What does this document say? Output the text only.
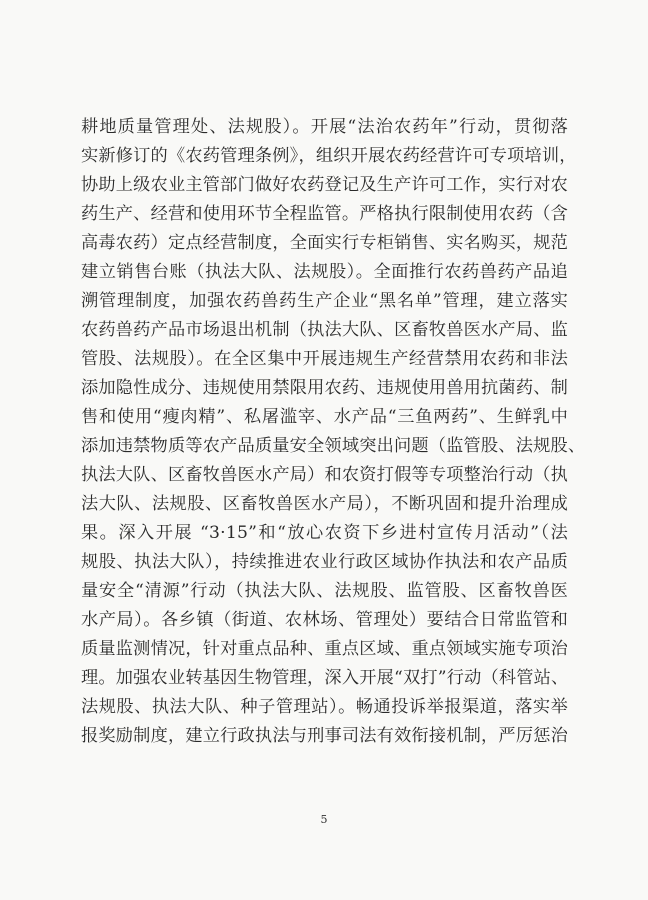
耕地质量管理处、法规股）。开展“法治农药年”行动，贯彻落
实新修订的《农药管理条例》，组织开展农药经营许可专项培训，
协助上级农业主管部门做好农药登记及生产许可工作，实行对农
药生产、经营和使用环节全程监管。严格执行限制使用农药（含
高毒农药）定点经营制度，全面实行专柜销售、实名购买，规范
建立销售台账（执法大队、法规股）。全面推行农药兽药产品追
溯管理制度，加强农药兽药生产企业“黑名单”管理，建立落实
农药兽药产品市场退出机制（执法大队、区畜牧兽医水产局、监
管股、法规股）。在全区集中开展违规生产经营禁用农药和非法
添加隐性成分、违规使用禁限用农药、违规使用兽用抗菌药、制
售和使用“瘦肉精”、私屠滥宰、水产品“三鱼两药”、生鲜乳中
添加违禁物质等农产品质量安全领域突出问题（监管股、法规股、
执法大队、区畜牧兽医水产局）和农资打假等专项整治行动（执
法大队、法规股、区畜牧兽医水产局），不断巩固和提升治理成
果。深入开展 “3·15”和“放心农资下乡进村宣传月活动”（法
规股、执法大队），持续推进农业行政区域协作执法和农产品质
量安全“清源”行动（执法大队、法规股、监管股、区畜牧兽医
水产局）。各乡镇（街道、农林场、管理处）要结合日常监管和
质量监测情况，针对重点品种、重点区域、重点领域实施专项治
理。加强农业转基因生物管理，深入开展“双打”行动（科管站、
法规股、执法大队、种子管理站）。畅通投诉举报渠道，落实举
报奖励制度，建立行政执法与刑事司法有效衔接机制，严厉惩治
5
